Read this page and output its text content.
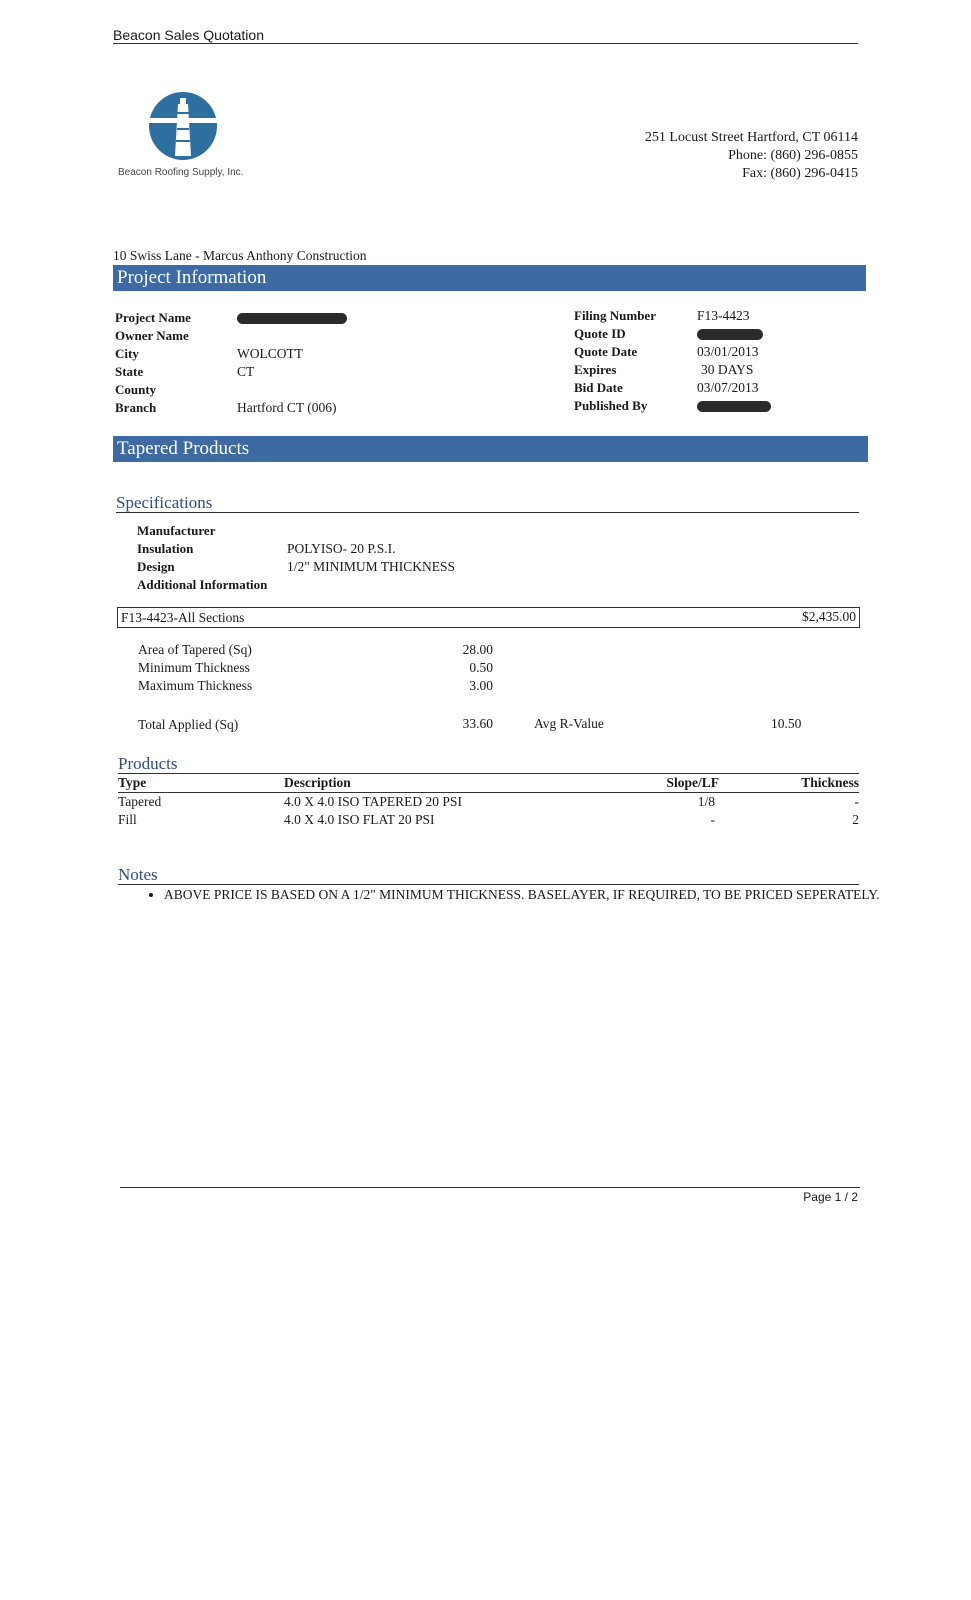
Beacon Sales Quotation
Beacon Roofing Supply, Inc.
251 Locust Street Hartford, CT 06114
Phone: (860) 296-0855
Fax: (860) 296-0415
10 Swiss Lane - Marcus Anthony Construction
Project Information
Project Name	
Owner Name	
City	WOLCOTT
State	CT
County	
Branch	Hartford CT (006)
Filing Number	F13-4423
Quote ID	
Quote Date	03/01/2013
Expires	30 DAYS
Bid Date	03/07/2013
Published By	
Tapered Products
Specifications
Manufacturer	
Insulation	POLYISO- 20 P.S.I.
Design	1/2" MINIMUM THICKNESS
Additional Information	
F13-4423-All Sections	$2,435.00
Area of Tapered (Sq)	28.00
Minimum Thickness	0.50
Maximum Thickness	3.00
Total Applied (Sq)	33.60	Avg R-Value	10.50
Products
Type	Description	Slope/LF	Thickness
Tapered	4.0 X 4.0 ISO TAPERED 20 PSI	1/8	-
Fill	4.0 X 4.0 ISO FLAT 20 PSI	-	2
Notes
• ABOVE PRICE IS BASED ON A 1/2" MINIMUM THICKNESS. BASELAYER, IF REQUIRED, TO BE PRICED SEPERATELY.
Page 1 / 2
